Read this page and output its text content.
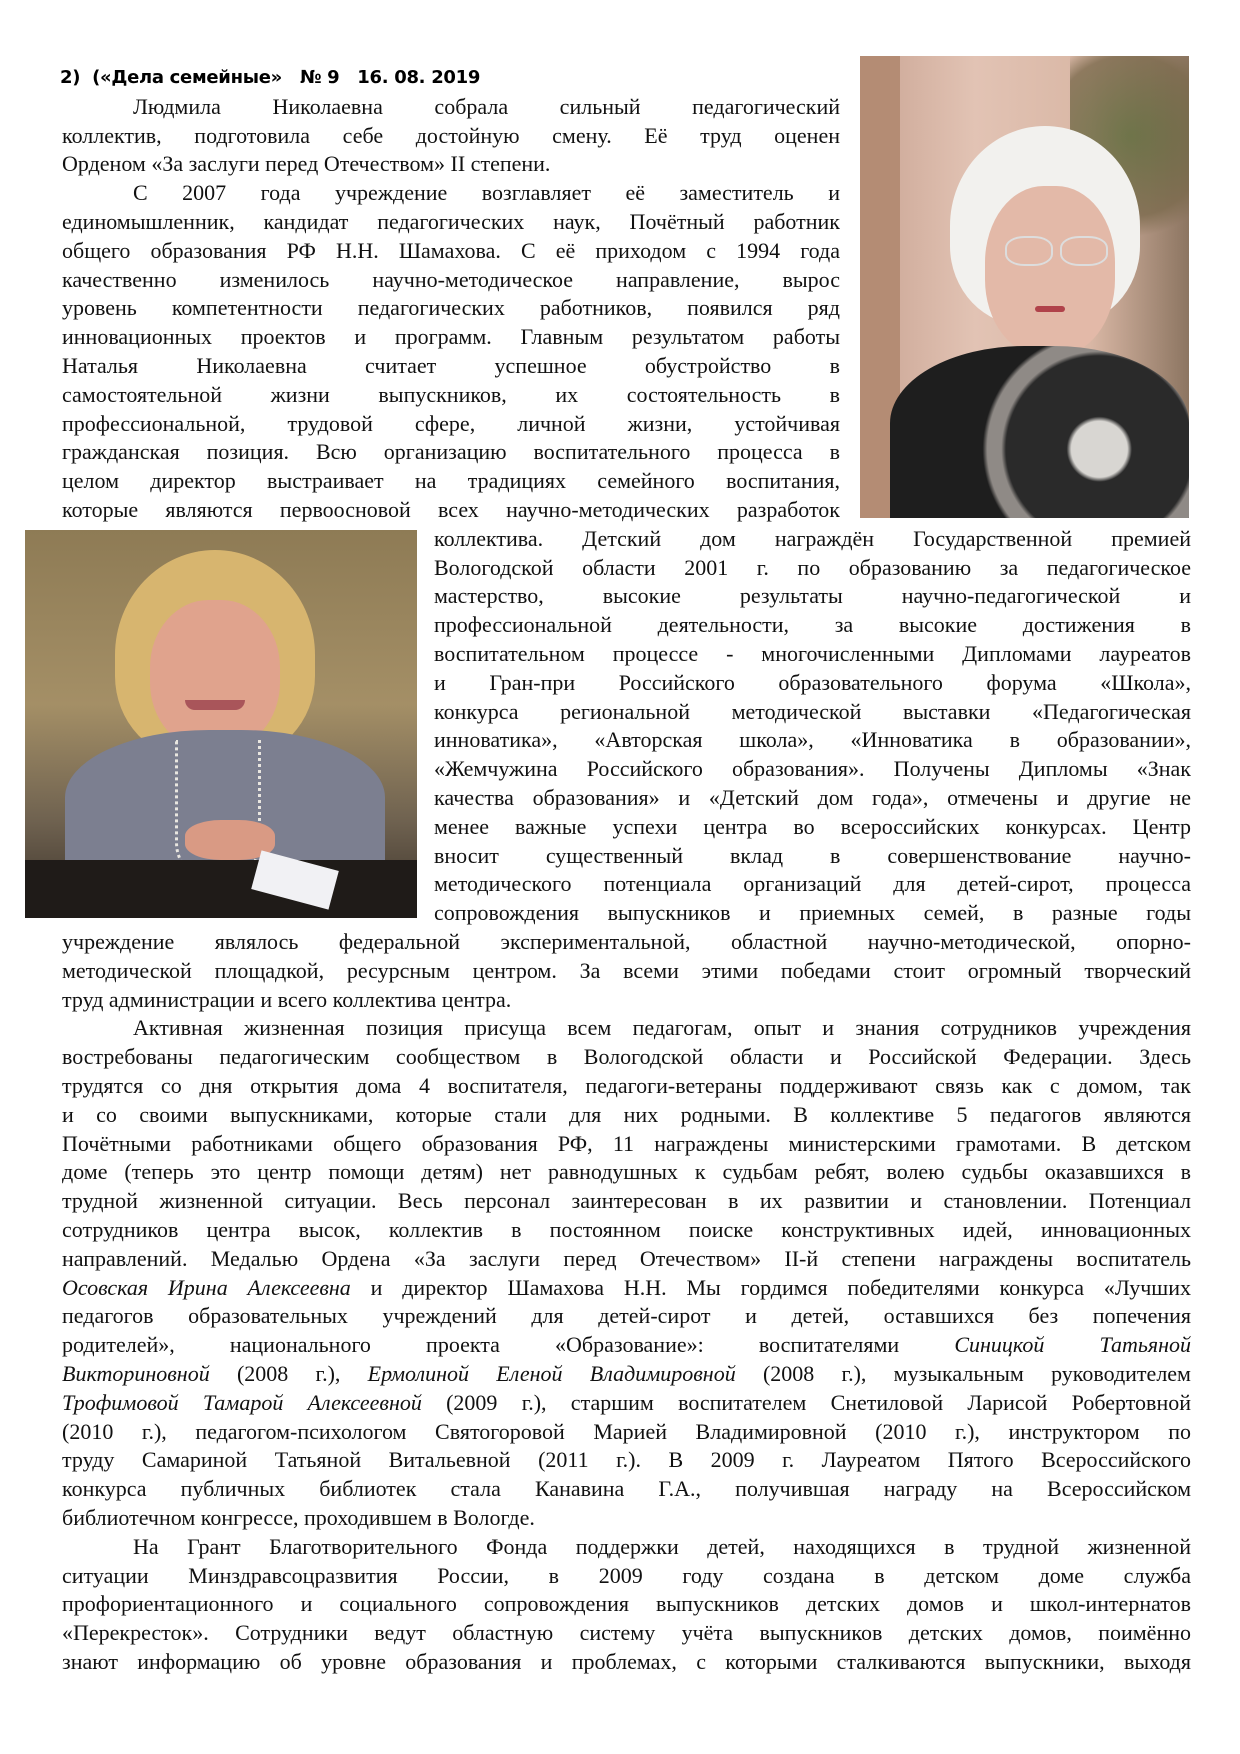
2)  («Дела семейные»   № 9   16. 08. 2019
Людмила Николаевна собрала сильный педагогический
коллектив, подготовила себе достойную смену. Её труд оценен
Орденом «За заслуги перед Отечеством» II степени.
С 2007 года учреждение возглавляет её заместитель и
единомышленник, кандидат педагогических наук, Почётный работник
общего образования РФ Н.Н. Шамахова. С её приходом с 1994 года
качественно изменилось научно-методическое направление, вырос
уровень компетентности педагогических работников, появился ряд
инновационных проектов и программ. Главным результатом работы
Наталья Николаевна считает успешное обустройство в
самостоятельной жизни выпускников, их состоятельность в
профессиональной, трудовой сфере, личной жизни, устойчивая
гражданская позиция. Всю организацию воспитательного процесса в
целом директор выстраивает на традициях семейного воспитания,
которые являются первоосновой всех научно-методических разработок
коллектива. Детский дом награждён Государственной премией
Вологодской области 2001 г. по образованию за педагогическое
мастерство, высокие результаты научно-педагогической и
профессиональной деятельности, за высокие достижения в
воспитательном процессе - многочисленными Дипломами лауреатов
и Гран-при Российского образовательного форума «Школа»,
конкурса региональной методической выставки «Педагогическая
инноватика», «Авторская школа», «Инноватика в образовании»,
«Жемчужина Российского образования». Получены Дипломы «Знак
качества образования» и «Детский дом года», отмечены и другие не
менее важные успехи центра во всероссийских конкурсах. Центр
вносит существенный вклад в совершенствование научно-
методического потенциала организаций для детей-сирот, процесса
сопровождения выпускников и приемных семей, в разные годы
учреждение являлось федеральной экспериментальной, областной научно-методической, опорно-
методической площадкой, ресурсным центром. За всеми этими победами стоит огромный творческий
труд администрации и всего коллектива центра.
Активная жизненная позиция присуща всем педагогам, опыт и знания сотрудников учреждения
востребованы педагогическим сообществом в Вологодской области и Российской Федерации. Здесь
трудятся со дня открытия дома 4 воспитателя, педагоги-ветераны поддерживают связь как с домом, так
и со своими выпускниками, которые стали для них родными. В коллективе 5 педагогов являются
Почётными работниками общего образования РФ, 11 награждены министерскими грамотами. В детском
доме (теперь это центр помощи детям) нет равнодушных к судьбам ребят, волею судьбы оказавшихся в
трудной жизненной ситуации. Весь персонал заинтересован в их развитии и становлении. Потенциал
сотрудников центра высок, коллектив в постоянном поиске конструктивных идей, инновационных
направлений. Медалью Ордена «За заслуги перед Отечеством» II-й степени награждены воспитатель
Осовская Ирина Алексеевна и директор Шамахова Н.Н. Мы гордимся победителями конкурса «Лучших
педагогов образовательных учреждений для детей-сирот и детей, оставшихся без попечения
родителей», национального проекта «Образование»: воспитателями Синицкой Татьяной
Викториновной (2008 г.), Ермолиной Еленой Владимировной (2008 г.), музыкальным руководителем
Трофимовой Тамарой Алексеевной (2009 г.), старшим воспитателем Снетиловой Ларисой Робертовной
(2010 г.), педагогом-психологом Святогоровой Марией Владимировной (2010 г.), инструктором по
труду Самариной Татьяной Витальевной (2011 г.). В 2009 г. Лауреатом Пятого Всероссийского
конкурса публичных библиотек стала Канавина Г.А., получившая награду на Всероссийском
библиотечном конгрессе, проходившем в Вологде.
На Грант Благотворительного Фонда поддержки детей, находящихся в трудной жизненной
ситуации Минздравсоцразвития России, в 2009 году создана в детском доме служба
профориентационного и социального сопровождения выпускников детских домов и школ-интернатов
«Перекресток». Сотрудники ведут областную систему учёта выпускников детских домов, поимённо
знают информацию об уровне образования и проблемах, с которыми сталкиваются выпускники, выходя
